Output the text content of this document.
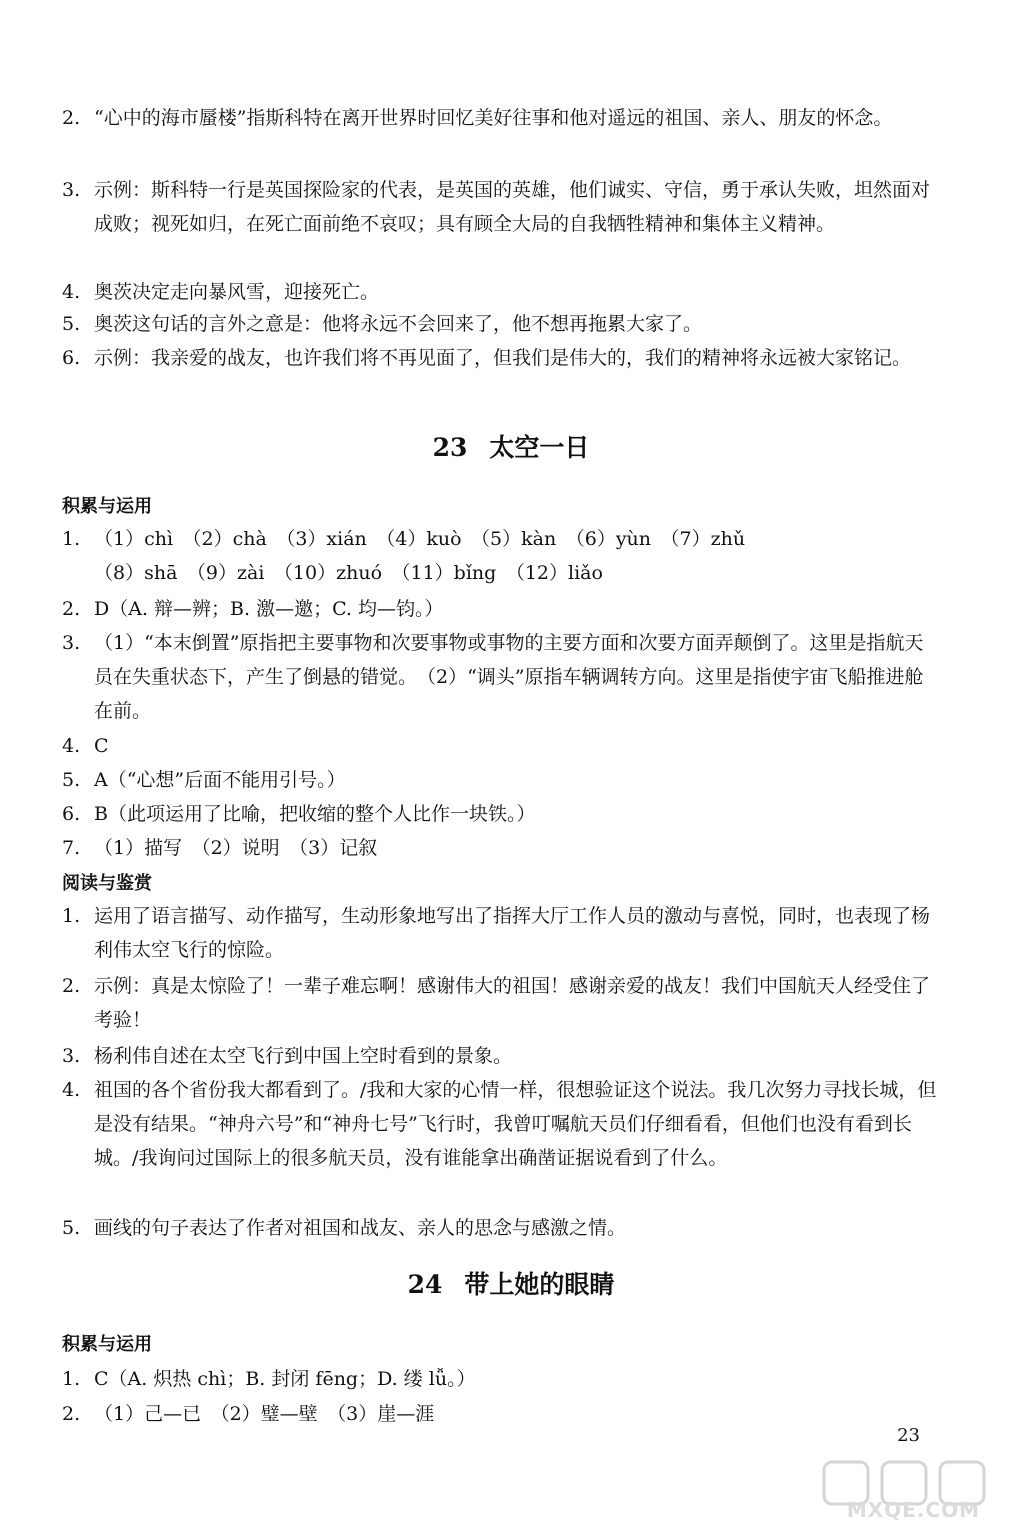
2. “心中的海市蜃楼”指斯科特在离开世界时回忆美好往事和他对遥远的祖国、亲人、朋友的怀念。
3. 示例：斯科特一行是英国探险家的代表，是英国的英雄，他们诚实、守信，勇于承认失败，坦然面对成败；视死如归，在死亡面前绝不哀叹；具有顾全大局的自我牺牲精神和集体主义精神。
4. 奥茨决定走向暴风雪，迎接死亡。
5. 奥茨这句话的言外之意是：他将永远不会回来了，他不想再拖累大家了。
6. 示例：我亲爱的战友，也许我们将不再见面了，但我们是伟大的，我们的精神将永远被大家铭记。
23 太空一日
积累与运用
1. （1）chì　（2）chà　（3）xián　（4）kuò　（5）kàn　（6）yùn　（7）zhǔ
（8）shā　（9）zài　（10）zhuó　（11）bǐng　（12）liǎo
2. D（A. 辩—辨；B. 激—邀；C. 均—钧。）
3. （1）“本末倒置”原指把主要事物和次要事物或事物的主要方面和次要方面弄颠倒了。这里是指航天员在失重状态下，产生了倒悬的错觉。　（2）“调头”原指车辆调转方向。这里是指使宇宙飞船推进舱在前。
4. C
5. A（“心想”后面不能用引号。）
6. B（此项运用了比喻，把收缩的整个人比作一块铁。）
7. （1）描写　（2）说明　（3）记叙
阅读与鉴赏
1. 运用了语言描写、动作描写，生动形象地写出了指挥大厅工作人员的激动与喜悦，同时，也表现了杨利伟太空飞行的惊险。
2. 示例：真是太惊险了！一辈子难忘啊！感谢伟大的祖国！感谢亲爱的战友！我们中国航天人经受住了考验！
3. 杨利伟自述在太空飞行到中国上空时看到的景象。
4. 祖国的各个省份我大都看到了。/我和大家的心情一样，很想验证这个说法。我几次努力寻找长城，但是没有结果。“神舟六号”和“神舟七号”飞行时，我曾叮嘱航天员们仔细看看，但他们也没有看到长城。/我询问过国际上的很多航天员，没有谁能拿出确凿证据说看到了什么。
5. 画线的句子表达了作者对祖国和战友、亲人的思念与感激之情。
24 带上她的眼睛
积累与运用
1. C（A. 炽热 chì；B. 封闭 fēng；D. 缕 lǚ。）
2. （1）己—已　（2）璧—壁　（3）崖—涯
23
MXQE.COM
